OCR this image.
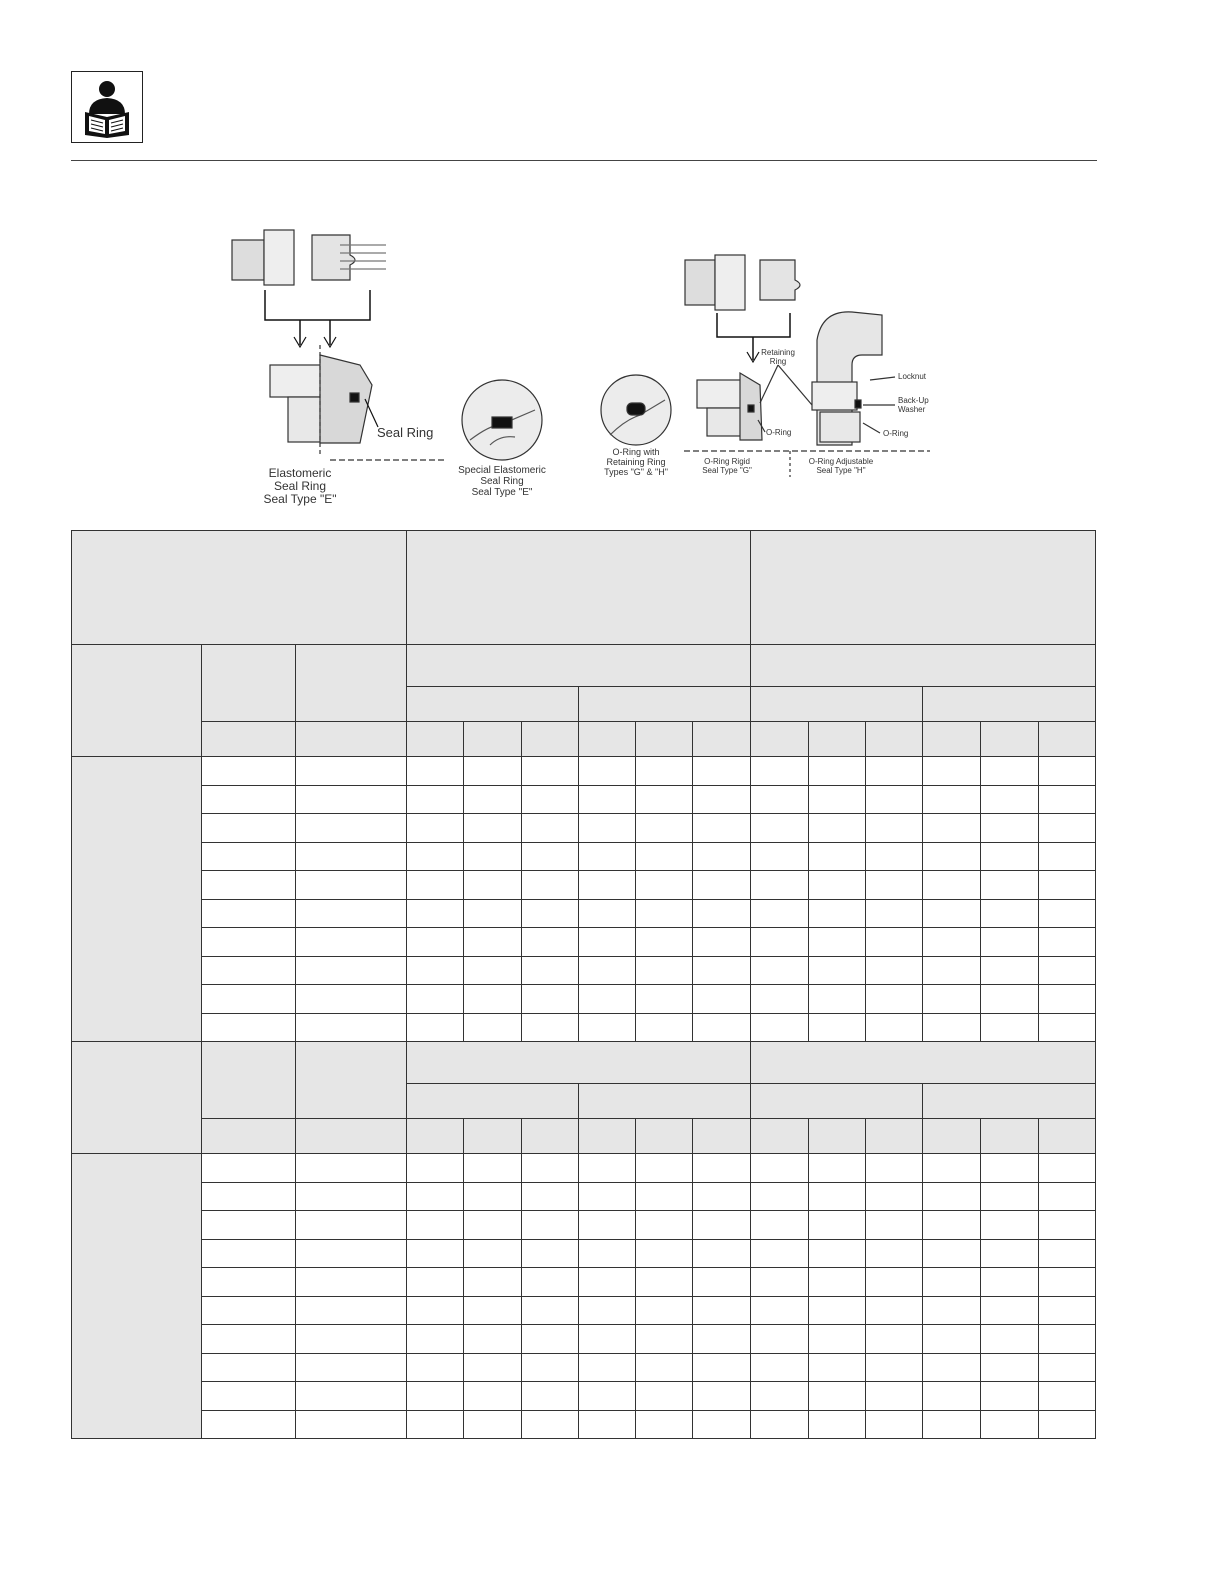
Seal Ring
Elastomeric
Seal Ring
Seal Type "E"
Special Elastomeric
Seal Ring
Seal Type "E"
O-Ring with
Retaining Ring
Types "G" & "H"
Retaining
Ring
O-Ring
O-Ring Rigid
Seal Type "G"
Locknut
Back-Up
Washer
O-Ring
O-Ring Adjustable
Seal Type "H"
